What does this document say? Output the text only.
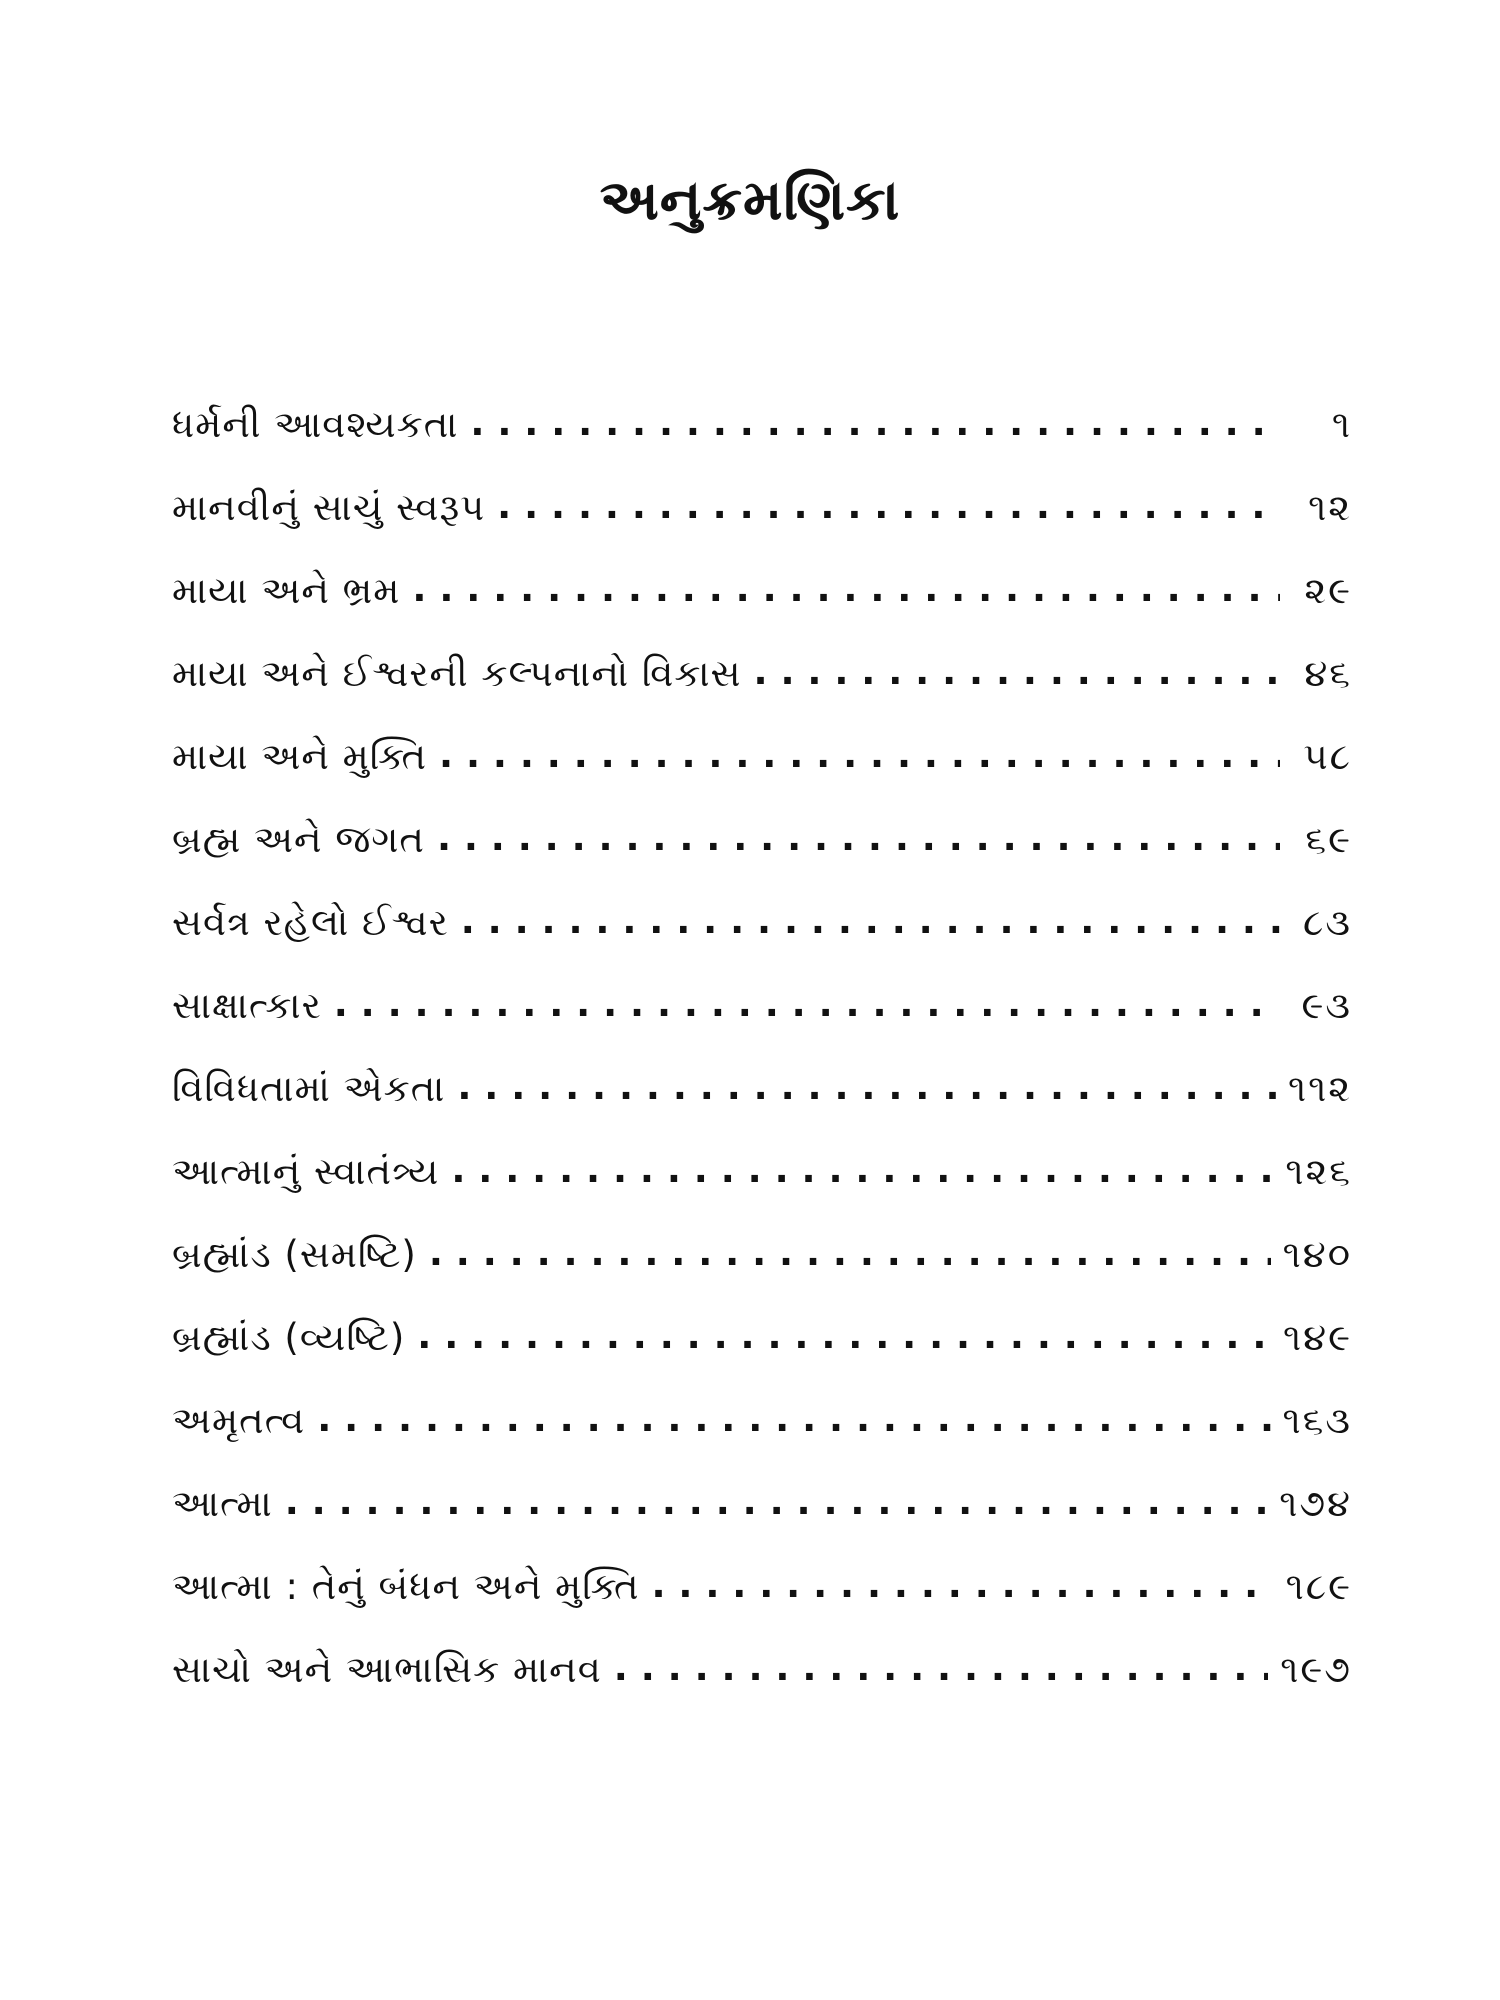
અનુક્રમણિકા
ધર્મની આવશ્યકતા . . .	૧
માનવીનું સાચું સ્વરૂપ . . .	૧૨
માયા અને ભ્રમ . . .	૨૯
માયા અને ઈશ્વરની કલ્પનાનો વિકાસ . . .	૪૬
માયા અને મુક્તિ . . .	૫૮
બ્રહ્મ અને જગત . . .	૬૯
સર્વત્ર રહેલો ઈશ્વર . . .	૮૩
સાક્ષાત્કાર . . .	૯૩
વિવિધતામાં એકતા . . .	૧૧૨
આત્માનું સ્વાતંત્ર્ય . . .	૧૨૬
બ્રહ્માંડ (સમષ્ટિ) . . .	૧૪૦
બ્રહ્માંડ (વ્યષ્ટિ) . . .	૧૪૯
અમૃતત્વ . . .	૧૬૩
આત્મા . . .	૧૭૪
આત્મા : તેનું બંધન અને મુક્તિ . . .	૧૮૯
સાચો અને આભાસિક માનવ . . .	૧૯૭
